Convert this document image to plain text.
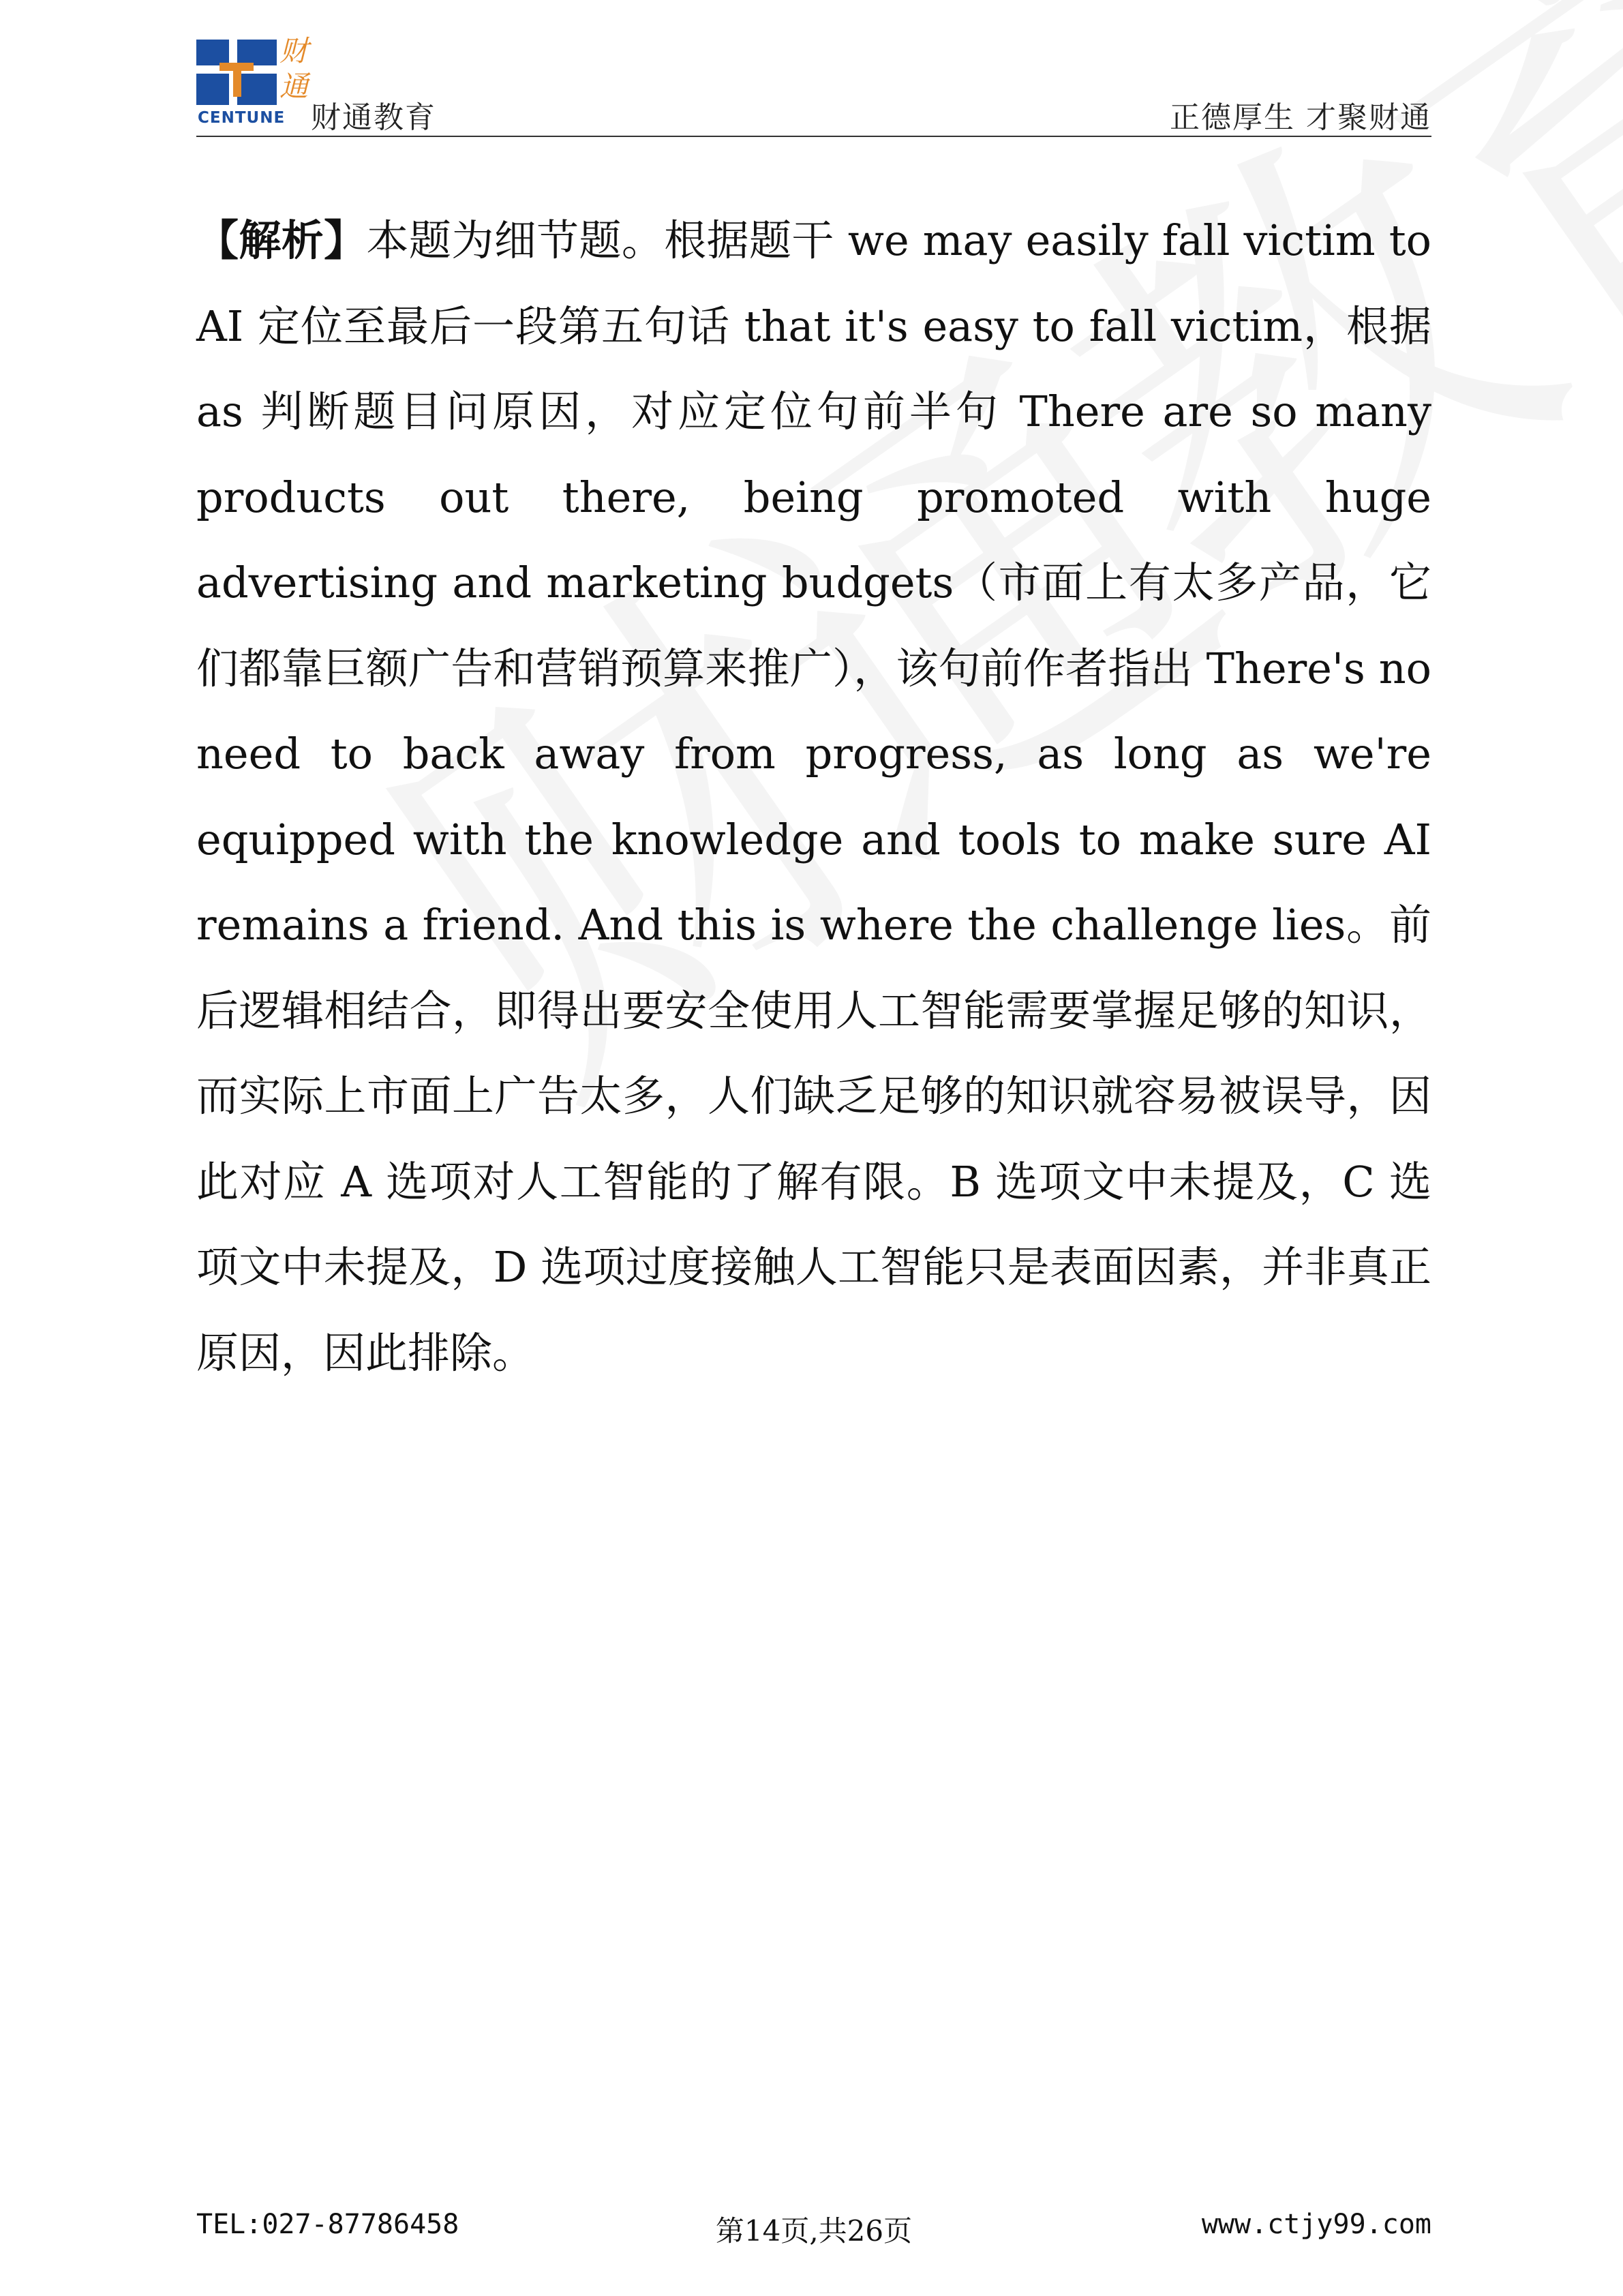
财
通
CENTUNE 财通教育	正德厚生 才聚财通
【解析】本题为细节题。根据题干 we may easily fall victim to AI 定位至最后一段第五句话 that it's easy to fall victim，根据 as 判断题目问原因，对应定位句前半句 There are so many products out there, being promoted with huge advertising and marketing budgets（市面上有太多产品，它们都靠巨额广告和营销预算来推广），该句前作者指出 There's no need to back away from progress, as long as we're equipped with the knowledge and tools to make sure AI remains a friend. And this is where the challenge lies。前后逻辑相结合，即得出要安全使用人工智能需要掌握足够的知识，而实际上市面上广告太多，人们缺乏足够的知识就容易被误导，因此对应 A 选项对人工智能的了解有限。B 选项文中未提及，C 选项文中未提及，D 选项过度接触人工智能只是表面因素，并非真正原因，因此排除。
TEL:027-87786458	第14页,共26页	www.ctjy99.com
